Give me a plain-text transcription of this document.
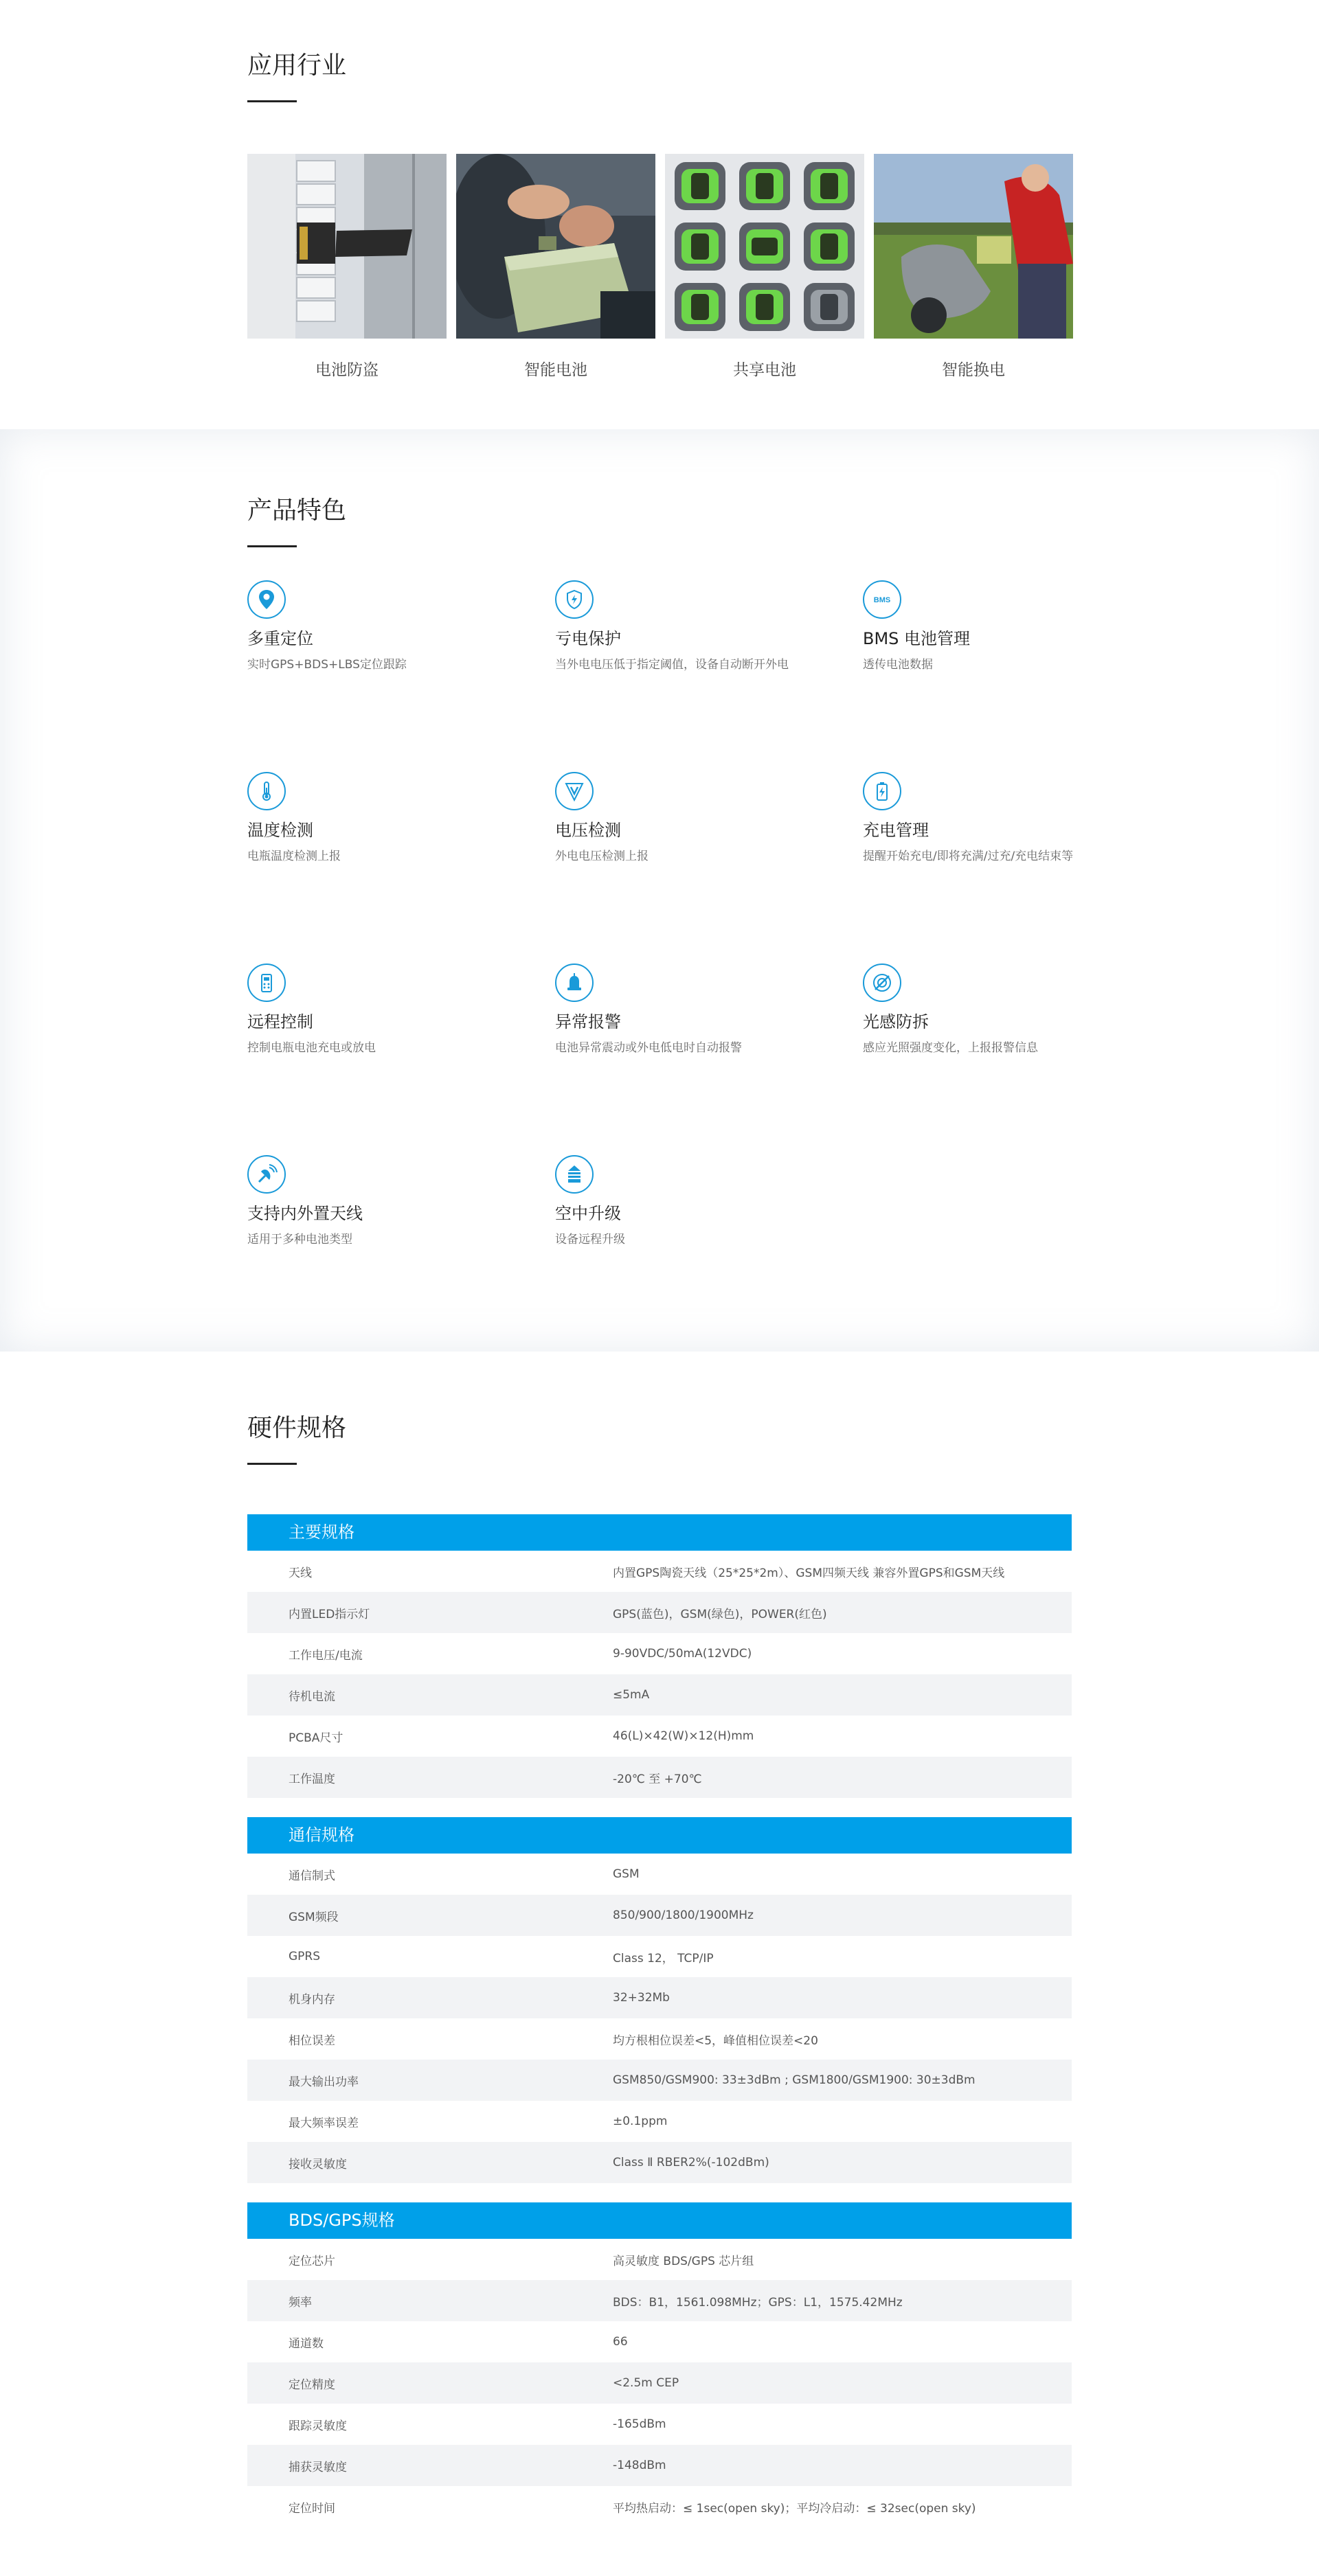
应用行业
电池防盗	智能电池	共享电池	智能换电
产品特色
多重定位
实时GPS+BDS+LBS定位跟踪
亏电保护
当外电电压低于指定阈值，设备自动断开外电
BMS
BMS 电池管理
透传电池数据
温度检测
电瓶温度检测上报
电压检测
外电电压检测上报
充电管理
提醒开始充电/即将充满/过充/充电结束等
远程控制
控制电瓶电池充电或放电
异常报警
电池异常震动或外电低电时自动报警
光感防拆
感应光照强度变化，上报报警信息
支持内外置天线
适用于多种电池类型
空中升级
设备远程升级
硬件规格
主要规格
天线	内置GPS陶瓷天线（25*25*2m）、GSM四频天线 兼容外置GPS和GSM天线
内置LED指示灯	GPS(蓝色)，GSM(绿色)，POWER(红色)
工作电压/电流	9-90VDC/50mA(12VDC)
待机电流	≤5mA
PCBA尺寸	46(L)×42(W)×12(H)mm
工作温度	-20℃ 至 +70℃
通信规格
通信制式	GSM
GSM频段	850/900/1800/1900MHz
GPRS	Class 12， TCP/IP
机身内存	32+32Mb
相位误差	均方根相位误差<5，峰值相位误差<20
最大输出功率	GSM850/GSM900: 33±3dBm ; GSM1800/GSM1900: 30±3dBm
最大频率误差	±0.1ppm
接收灵敏度	Class Ⅱ RBER2%(-102dBm)
BDS/GPS规格
定位芯片	高灵敏度 BDS/GPS 芯片组
频率	BDS：B1，1561.098MHz；GPS：L1，1575.42MHz
通道数	66
定位精度	<2.5m CEP
跟踪灵敏度	-165dBm
捕获灵敏度	-148dBm
定位时间	平均热启动：≤ 1sec(open sky)；平均冷启动：≤ 32sec(open sky)
